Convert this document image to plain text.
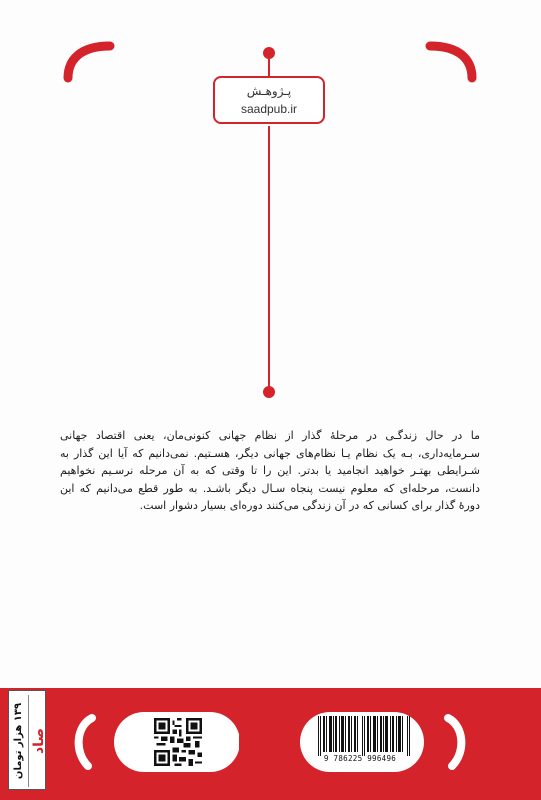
پـژوهـش
saadpub.ir

ما در حال زندگـی در مرحلۀ گذار از نظام جهانی کنونی‌مان، یعنی اقتصاد جهانی سـرمایه‌داری، بـه یک نظام یـا نظام‌های جهانی دیگر، هسـتیم. نمی‌دانیم که آیا این گذار به شـرایطی بهتـر خواهید انجامید یا بدتر. این را تا وقتی که به آن مرحله نرسـیم نخواهیم دانست، مرحله‌ای که معلوم نیست پنجاه سـال دیگر باشـد. به طور قطع می‌دانیم که این دورۀ گذار برای کسانی که در آن زندگی می‌کنند دوره‌ای بسیار دشوار است.

۱۳۹ هزار تومان
صاد
9 786225 996496
